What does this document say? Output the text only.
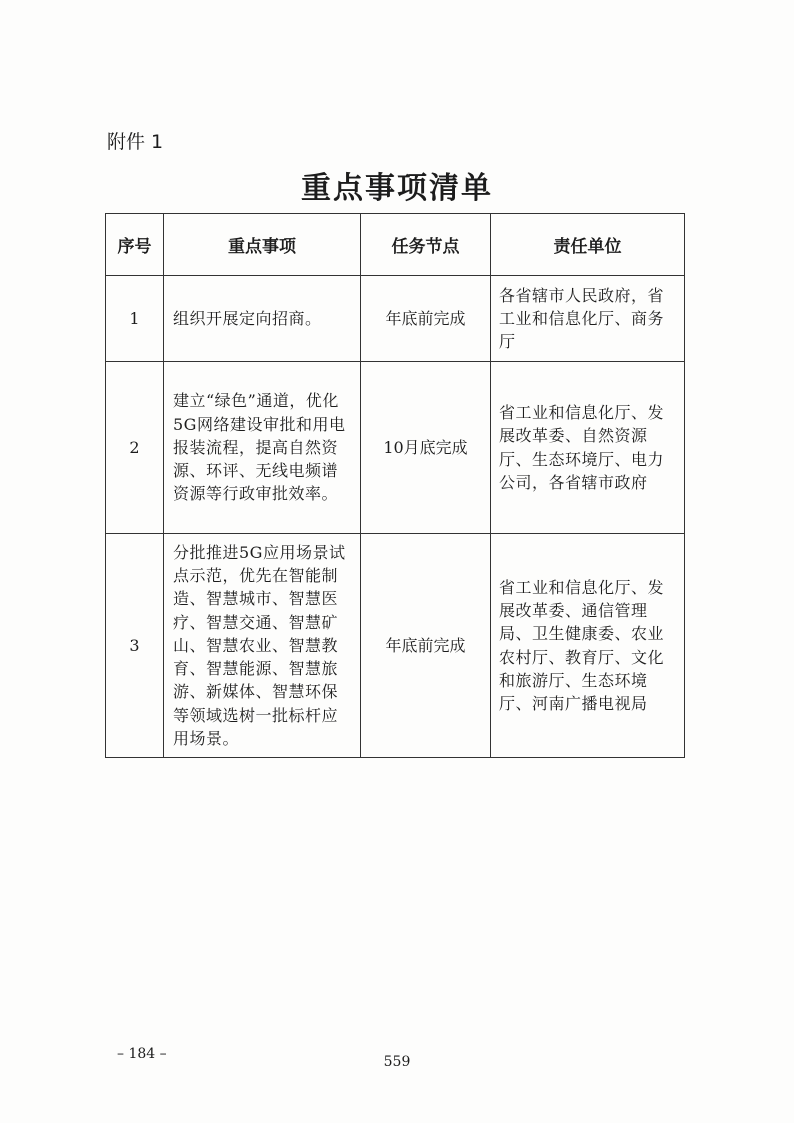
附件 1
重点事项清单
序号	重点事项	任务节点	责任单位
1	组织开展定向招商。	年底前完成	各省辖市人民政府，省工业和信息化厅、商务厅
2	建立“绿色”通道，优化5G网络建设审批和用电报装流程，提高自然资源、环评、无线电频谱资源等行政审批效率。	10月底完成	省工业和信息化厅、发展改革委、自然资源厅、生态环境厅、电力公司，各省辖市政府
3	分批推进5G应用场景试点示范，优先在智能制造、智慧城市、智慧医疗、智慧交通、智慧矿山、智慧农业、智慧教育、智慧能源、智慧旅游、新媒体、智慧环保等领域选树一批标杆应用场景。	年底前完成	省工业和信息化厅、发展改革委、通信管理局、卫生健康委、农业农村厅、教育厅、文化和旅游厅、生态环境厅、河南广播电视局
– 184 –	559
